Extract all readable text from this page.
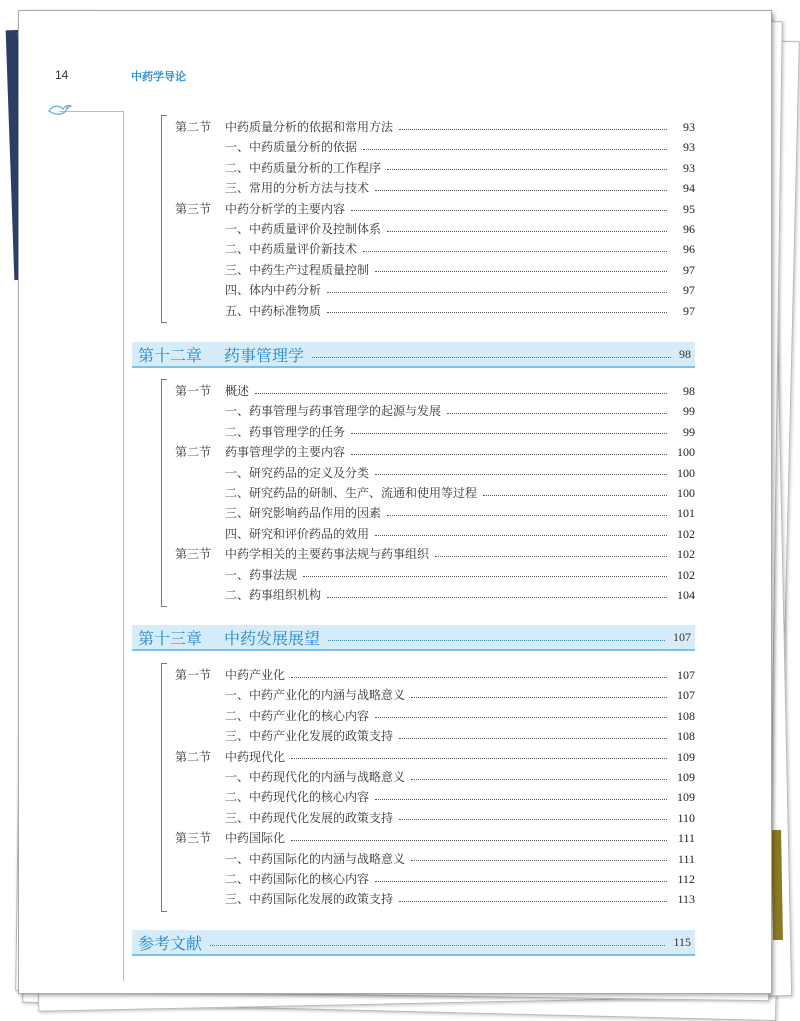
14	中药学导论
第二节	中药质量分析的依据和常用方法	93
一、中药质量分析的依据	93
二、中药质量分析的工作程序	93
三、常用的分析方法与技术	94
第三节	中药分析学的主要内容	95
一、中药质量评价及控制体系	96
二、中药质量评价新技术	96
三、中药生产过程质量控制	97
四、体内中药分析	97
五、中药标准物质	97
第十二章	药事管理学	98
第一节	概述	98
一、药事管理与药事管理学的起源与发展	99
二、药事管理学的任务	99
第二节	药事管理学的主要内容	100
一、研究药品的定义及分类	100
二、研究药品的研制、生产、流通和使用等过程	100
三、研究影响药品作用的因素	101
四、研究和评价药品的效用	102
第三节	中药学相关的主要药事法规与药事组织	102
一、药事法规	102
二、药事组织机构	104
第十三章	中药发展展望	107
第一节	中药产业化	107
一、中药产业化的内涵与战略意义	107
二、中药产业化的核心内容	108
三、中药产业化发展的政策支持	108
第二节	中药现代化	109
一、中药现代化的内涵与战略意义	109
二、中药现代化的核心内容	109
三、中药现代化发展的政策支持	110
第三节	中药国际化	111
一、中药国际化的内涵与战略意义	111
二、中药国际化的核心内容	112
三、中药国际化发展的政策支持	113
参考文献	115
